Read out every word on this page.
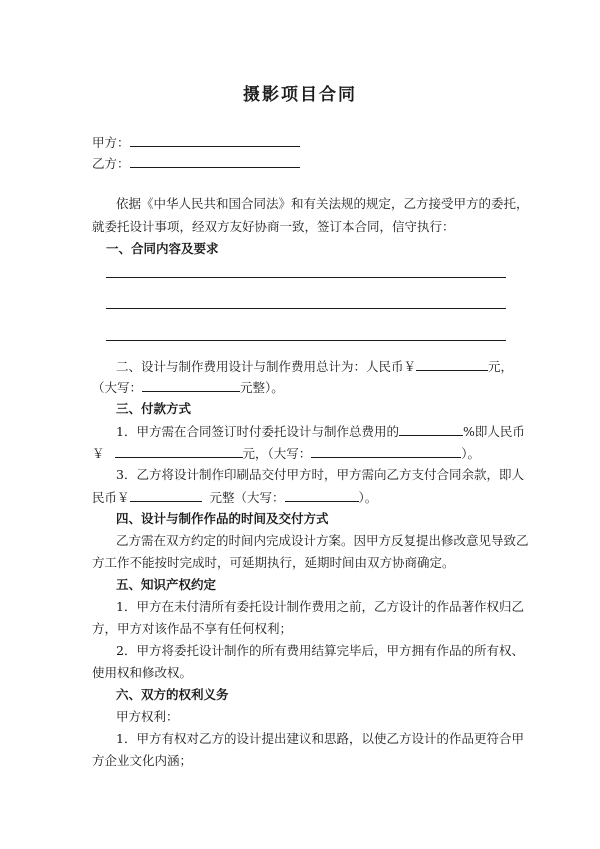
摄影项目合同
甲方：
乙方：
依据《中华人民共和国合同法》和有关法规的规定，乙方接受甲方的委托，
就委托设计事项，经双方友好协商一致，签订本合同，信守执行：
一、合同内容及要求
二、设计与制作费用设计与制作费用总计为：人民币￥	元，
（大写：	元整）。
三、付款方式
1．甲方需在合同签订时付委托设计与制作总费用的	%即人民币
￥	元，（大写：	）。
3．乙方将设计制作印刷品交付甲方时，甲方需向乙方支付合同余款，即人
民币￥	元整（大写：	）。
四、设计与制作作品的时间及交付方式
乙方需在双方约定的时间内完成设计方案。因甲方反复提出修改意见导致乙
方工作不能按时完成时，可延期执行，延期时间由双方协商确定。
五、知识产权约定
1．甲方在未付清所有委托设计制作费用之前，乙方设计的作品著作权归乙
方，甲方对该作品不享有任何权利；
2．甲方将委托设计制作的所有费用结算完毕后，甲方拥有作品的所有权、
使用权和修改权。
六、双方的权利义务
甲方权利：
1．甲方有权对乙方的设计提出建议和思路，以使乙方设计的作品更符合甲
方企业文化内涵；
